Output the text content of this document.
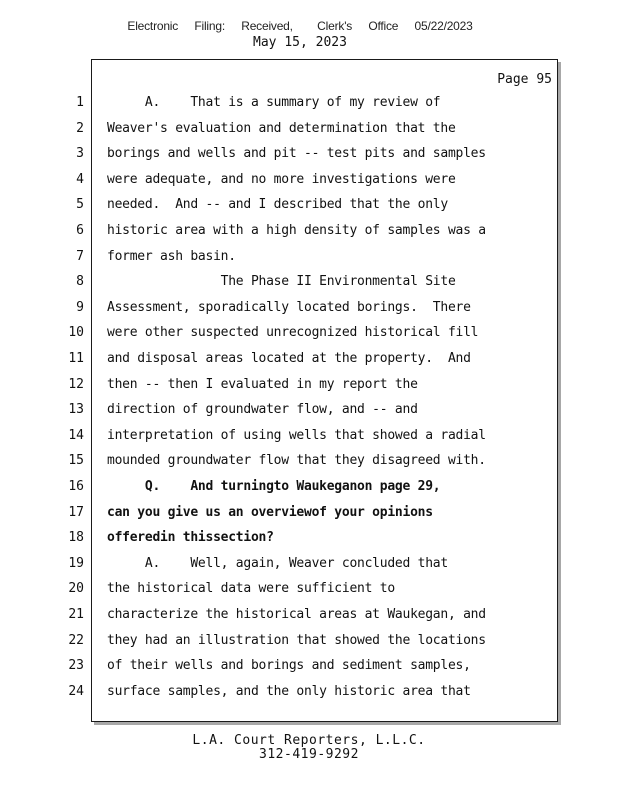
Electronic  Filing:  Received,   Clerk's  Office  05/22/2023
May 15, 2023
Page 95
1 A.    That is a summary of my review of
2 Weaver's evaluation and determination that the
3 borings and wells and pit -- test pits and samples
4 were adequate, and no more investigations were
5 needed.  And -- and I described that the only
6 historic area with a high density of samples was a
7 former ash basin.
8 The Phase II Environmental Site
9 Assessment, sporadically located borings.  There
10 were other suspected unrecognized historical fill
11 and disposal areas located at the property.  And
12 then -- then I evaluated in my report the
13 direction of groundwater flow, and -- and
14 interpretation of using wells that showed a radial
15 mounded groundwater flow that they disagreed with.
16 Q.    And turningto Waukeganon page 29,
17 can you give us an overviewof your opinions
18 offeredin thissection?
19 A.    Well, again, Weaver concluded that
20 the historical data were sufficient to
21 characterize the historical areas at Waukegan, and
22 they had an illustration that showed the locations
23 of their wells and borings and sediment samples,
24 surface samples, and the only historic area that
L.A. Court Reporters, L.L.C.
312-419-9292
